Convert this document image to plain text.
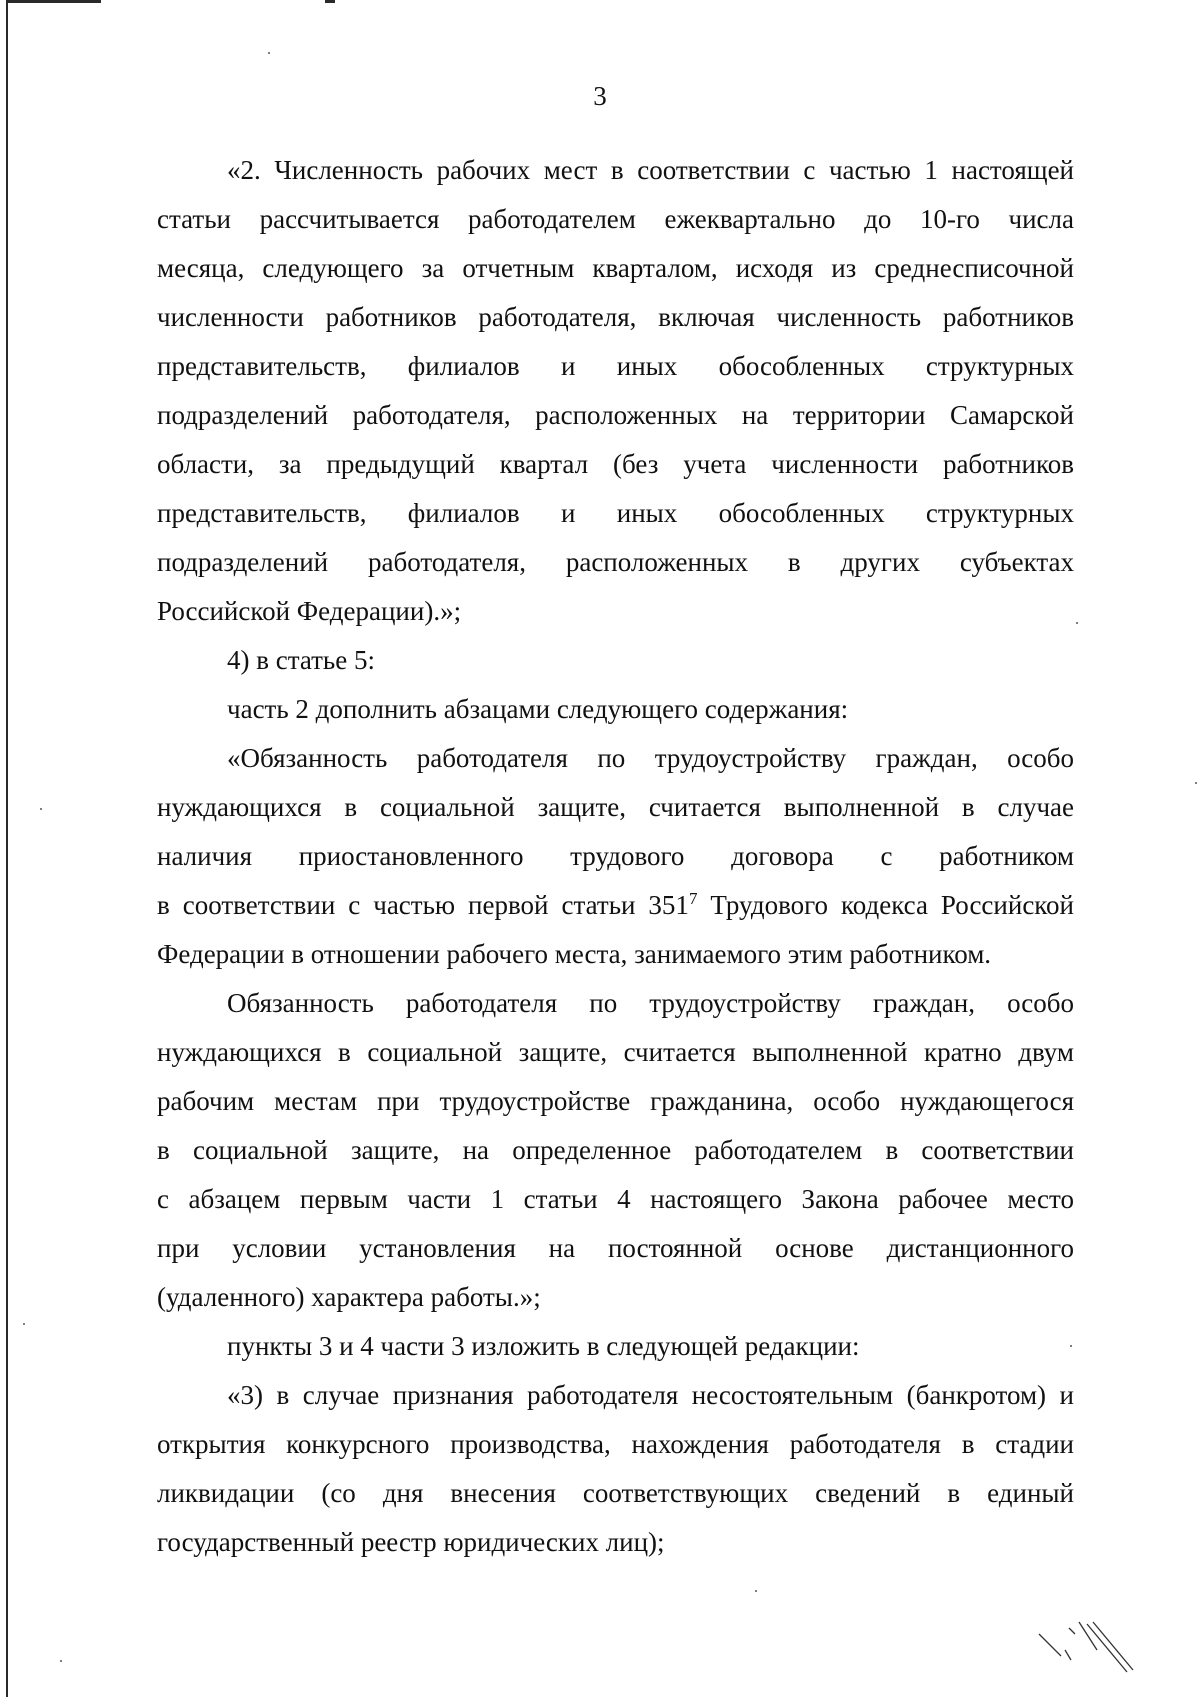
3
«2. Численность рабочих мест в соответствии с частью 1 настоящей
статьи рассчитывается работодателем ежеквартально до 10-го числа
месяца, следующего за отчетным кварталом, исходя из среднесписочной
численности работников работодателя, включая численность работников
представительств, филиалов и иных обособленных структурных
подразделений работодателя, расположенных на территории Самарской
области, за предыдущий квартал (без учета численности работников
представительств, филиалов и иных обособленных структурных
подразделений работодателя, расположенных в других субъектах
Российской Федерации).»;
4) в статье 5:
часть 2 дополнить абзацами следующего содержания:
«Обязанность работодателя по трудоустройству граждан, особо
нуждающихся в социальной защите, считается выполненной в случае
наличия приостановленного трудового договора с работником
в соответствии с частью первой статьи $351^7$ Трудового кодекса Российской
Федерации в отношении рабочего места, занимаемого этим работником.
Обязанность работодателя по трудоустройству граждан, особо
нуждающихся в социальной защите, считается выполненной кратно двум
рабочим местам при трудоустройстве гражданина, особо нуждающегося
в социальной защите, на определенное работодателем в соответствии
с абзацем первым части 1 статьи 4 настоящего Закона рабочее место
при условии установления на постоянной основе дистанционного
(удаленного) характера работы.»;
пункты 3 и 4 части 3 изложить в следующей редакции:
«3) в случае признания работодателя несостоятельным (банкротом) и
открытия конкурсного производства, нахождения работодателя в стадии
ликвидации (со дня внесения соответствующих сведений в единый
государственный реестр юридических лиц);
